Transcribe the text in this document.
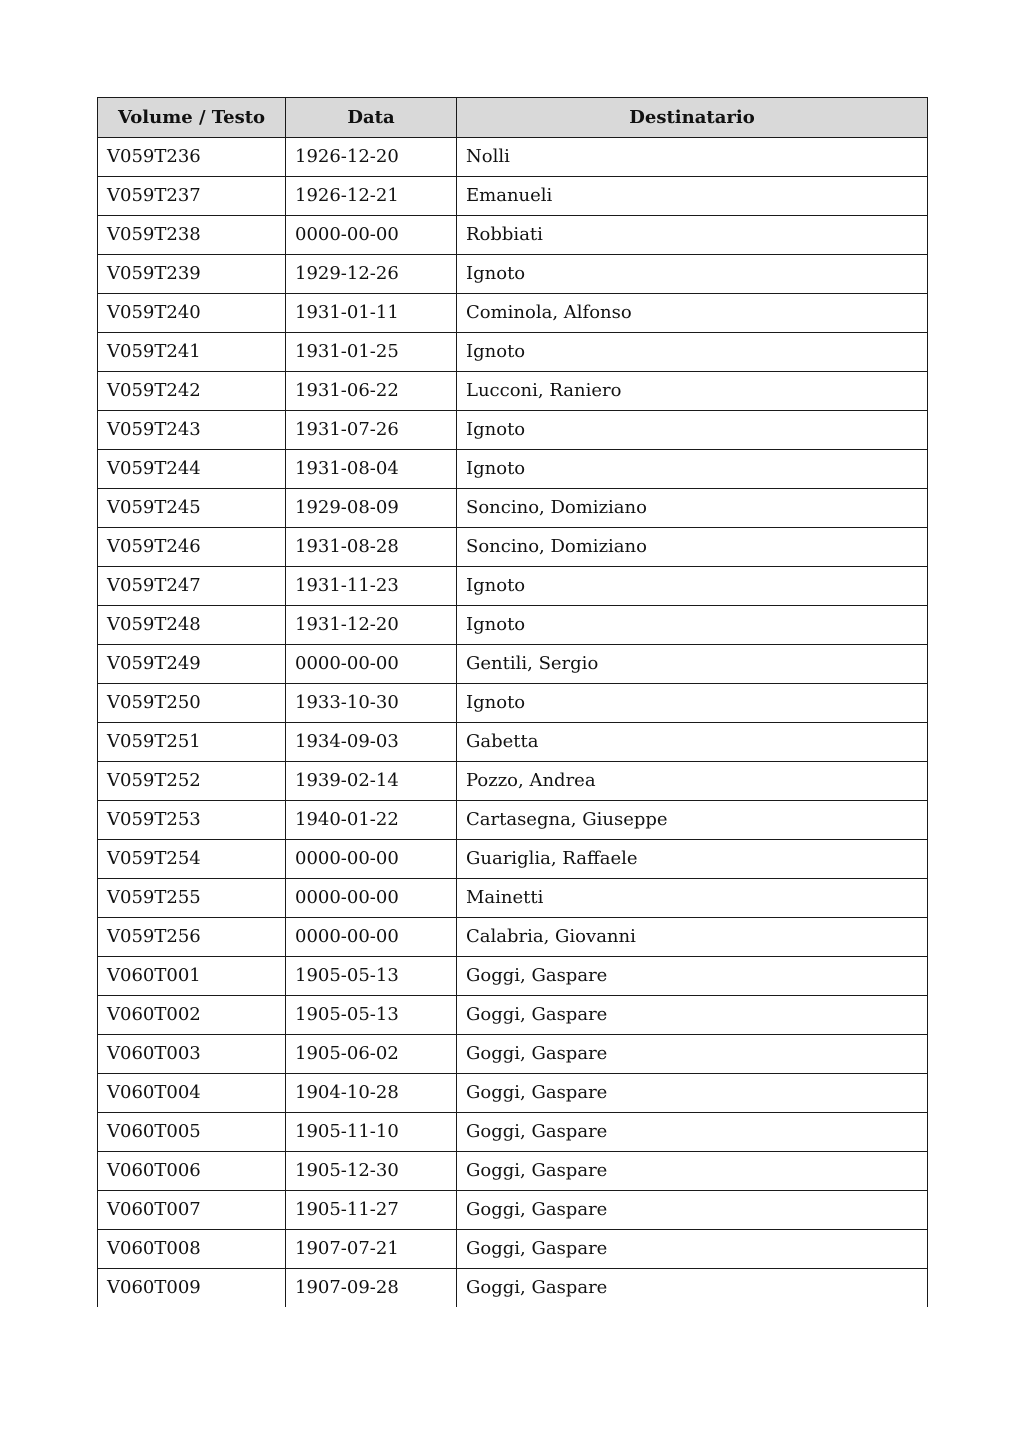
Volume / Testo	Data	Destinatario
V059T236	1926-12-20	Nolli
V059T237	1926-12-21	Emanueli
V059T238	0000-00-00	Robbiati
V059T239	1929-12-26	Ignoto
V059T240	1931-01-11	Cominola, Alfonso
V059T241	1931-01-25	Ignoto
V059T242	1931-06-22	Lucconi, Raniero
V059T243	1931-07-26	Ignoto
V059T244	1931-08-04	Ignoto
V059T245	1929-08-09	Soncino, Domiziano
V059T246	1931-08-28	Soncino, Domiziano
V059T247	1931-11-23	Ignoto
V059T248	1931-12-20	Ignoto
V059T249	0000-00-00	Gentili, Sergio
V059T250	1933-10-30	Ignoto
V059T251	1934-09-03	Gabetta
V059T252	1939-02-14	Pozzo, Andrea
V059T253	1940-01-22	Cartasegna, Giuseppe
V059T254	0000-00-00	Guariglia, Raffaele
V059T255	0000-00-00	Mainetti
V059T256	0000-00-00	Calabria, Giovanni
V060T001	1905-05-13	Goggi, Gaspare
V060T002	1905-05-13	Goggi, Gaspare
V060T003	1905-06-02	Goggi, Gaspare
V060T004	1904-10-28	Goggi, Gaspare
V060T005	1905-11-10	Goggi, Gaspare
V060T006	1905-12-30	Goggi, Gaspare
V060T007	1905-11-27	Goggi, Gaspare
V060T008	1907-07-21	Goggi, Gaspare
V060T009	1907-09-28	Goggi, Gaspare
